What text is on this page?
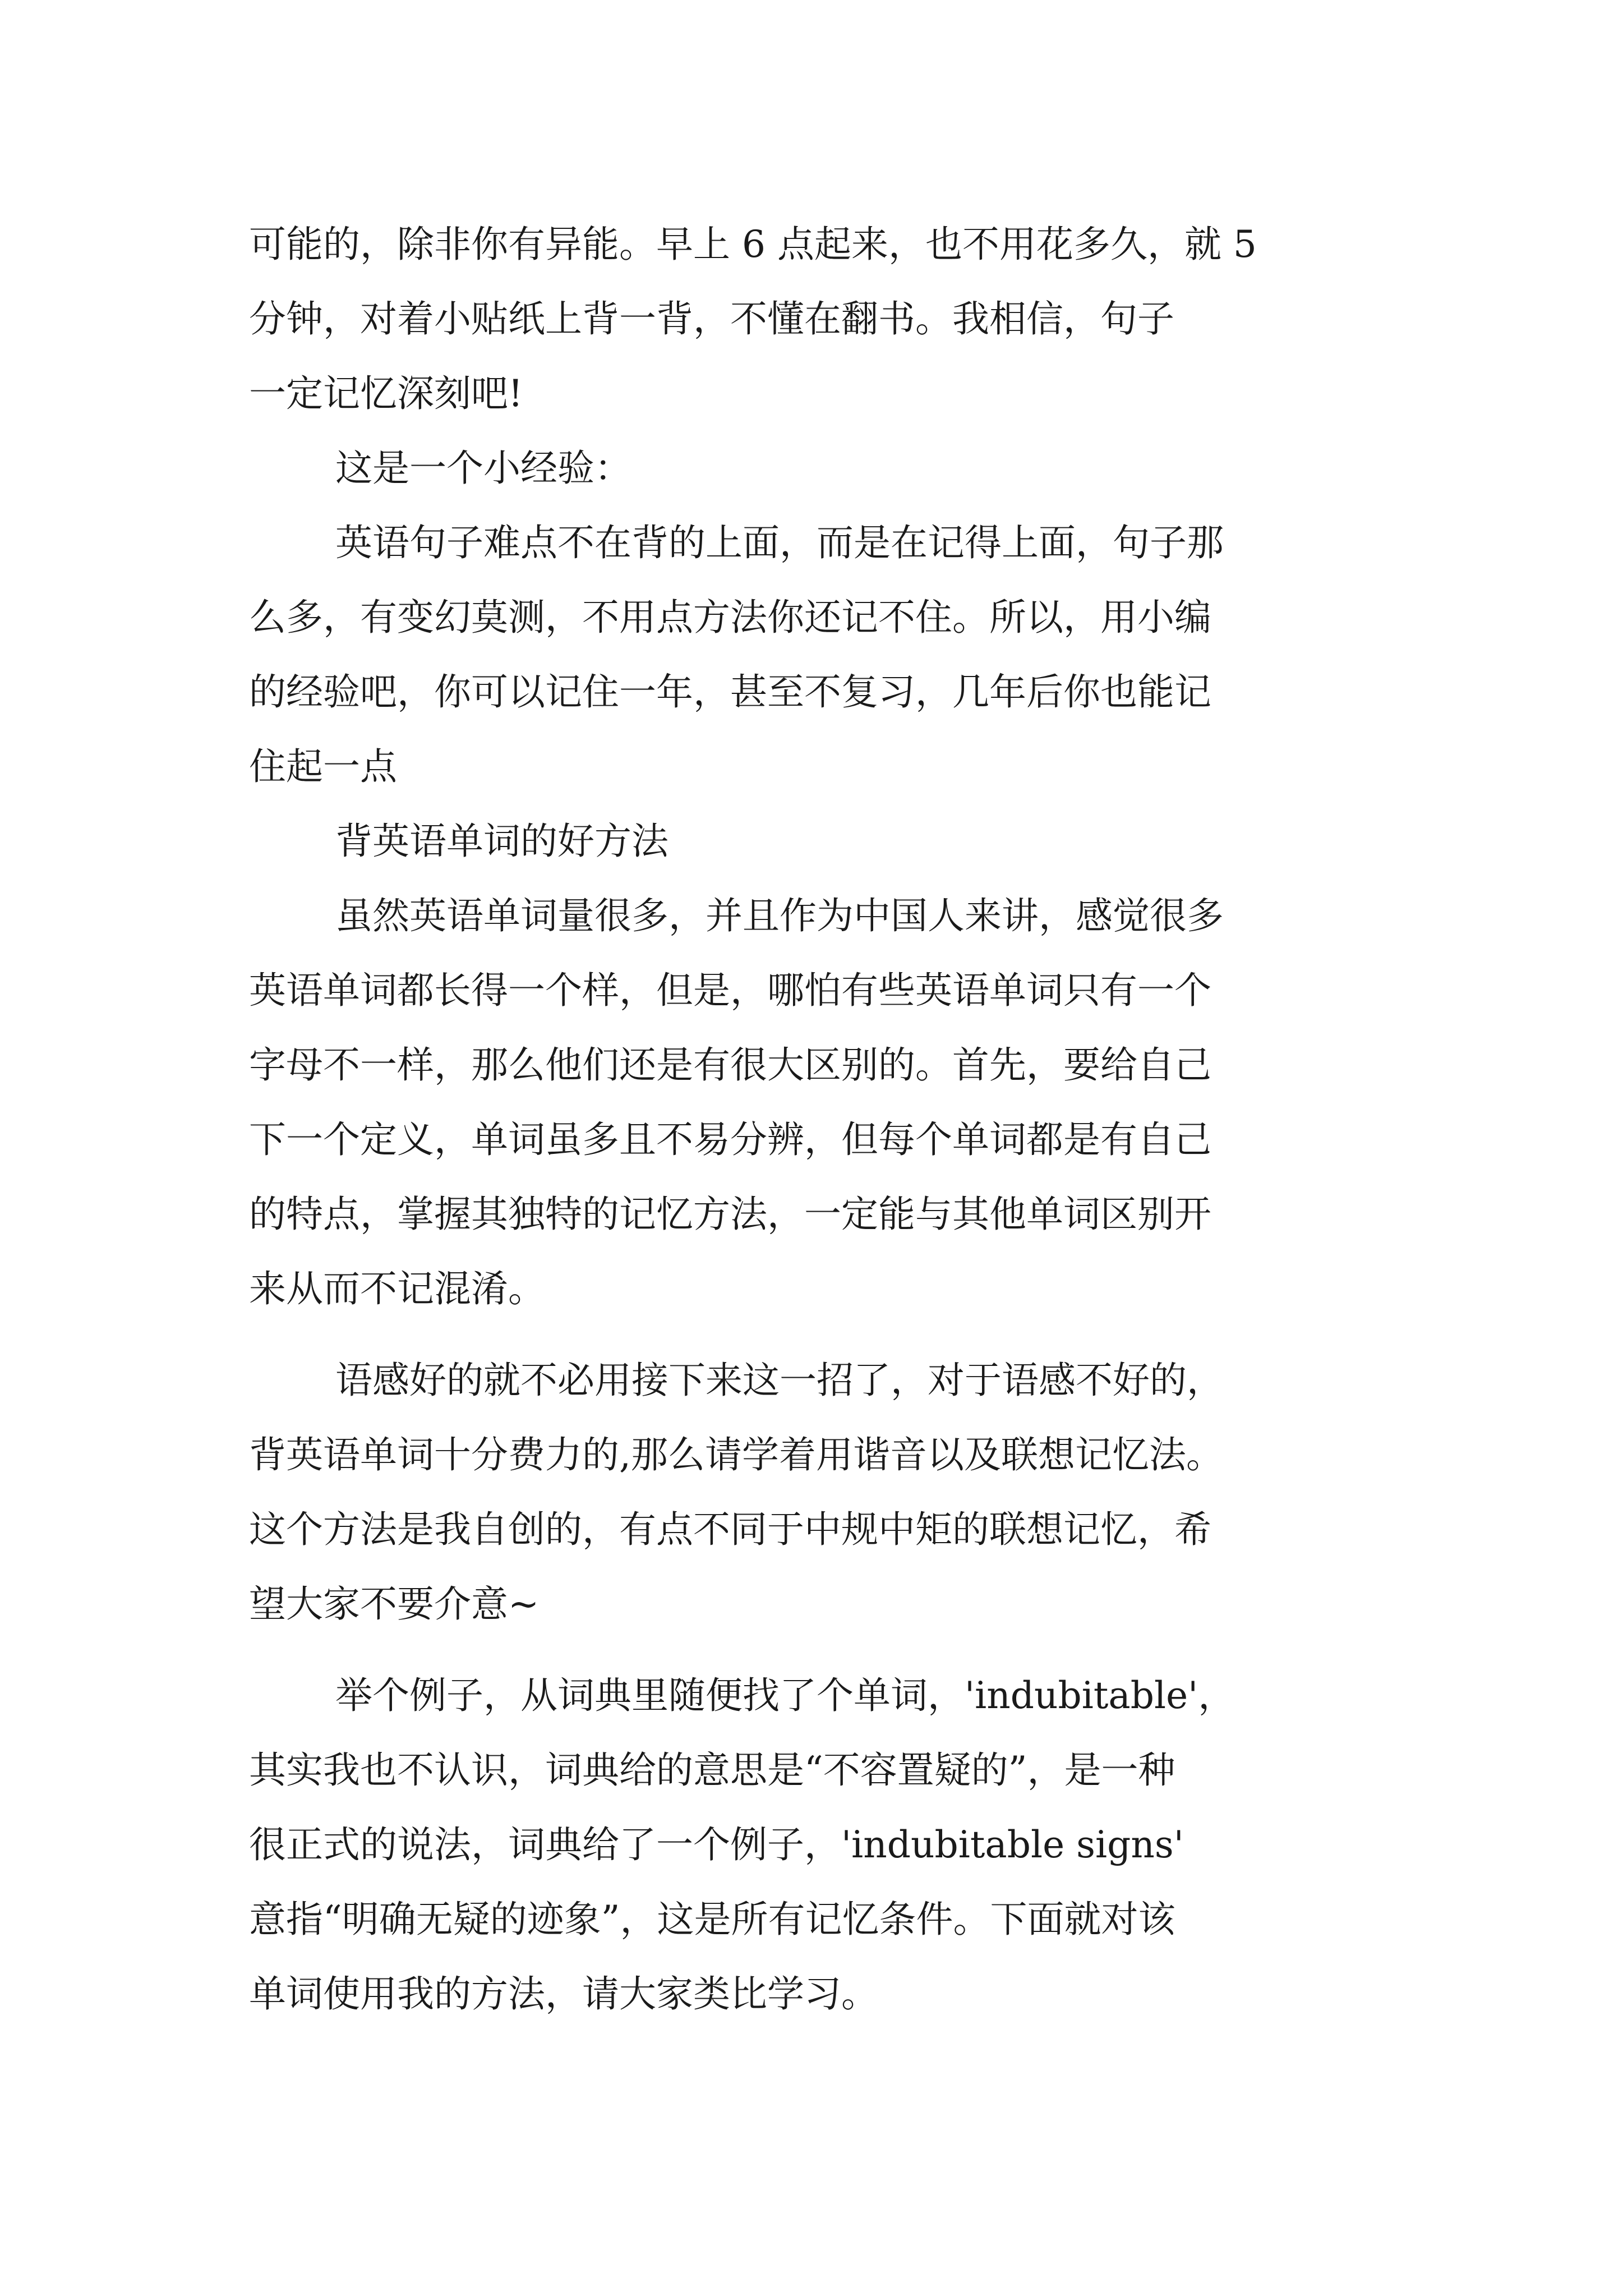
可能的，除非你有异能。早上 6 点起来，也不用花多久，就 5
分钟，对着小贴纸上背一背，不懂在翻书。我相信，句子
一定记忆深刻吧!
这是一个小经验：
英语句子难点不在背的上面，而是在记得上面，句子那
么多，有变幻莫测，不用点方法你还记不住。所以，用小编
的经验吧，你可以记住一年，甚至不复习，几年后你也能记
住起一点
背英语单词的好方法
虽然英语单词量很多，并且作为中国人来讲，感觉很多
英语单词都长得一个样，但是，哪怕有些英语单词只有一个
字母不一样，那么他们还是有很大区别的。首先，要给自己
下一个定义，单词虽多且不易分辨，但每个单词都是有自己
的特点，掌握其独特的记忆方法，一定能与其他单词区别开
来从而不记混淆。
语感好的就不必用接下来这一招了，对于语感不好的，
背英语单词十分费力的,那么请学着用谐音以及联想记忆法。
这个方法是我自创的，有点不同于中规中矩的联想记忆，希
望大家不要介意~
举个例子，从词典里随便找了个单词，'indubitable'，
其实我也不认识，词典给的意思是“不容置疑的”，是一种
很正式的说法，词典给了一个例子，'indubitable signs'
意指“明确无疑的迹象”，这是所有记忆条件。下面就对该
单词使用我的方法，请大家类比学习。
